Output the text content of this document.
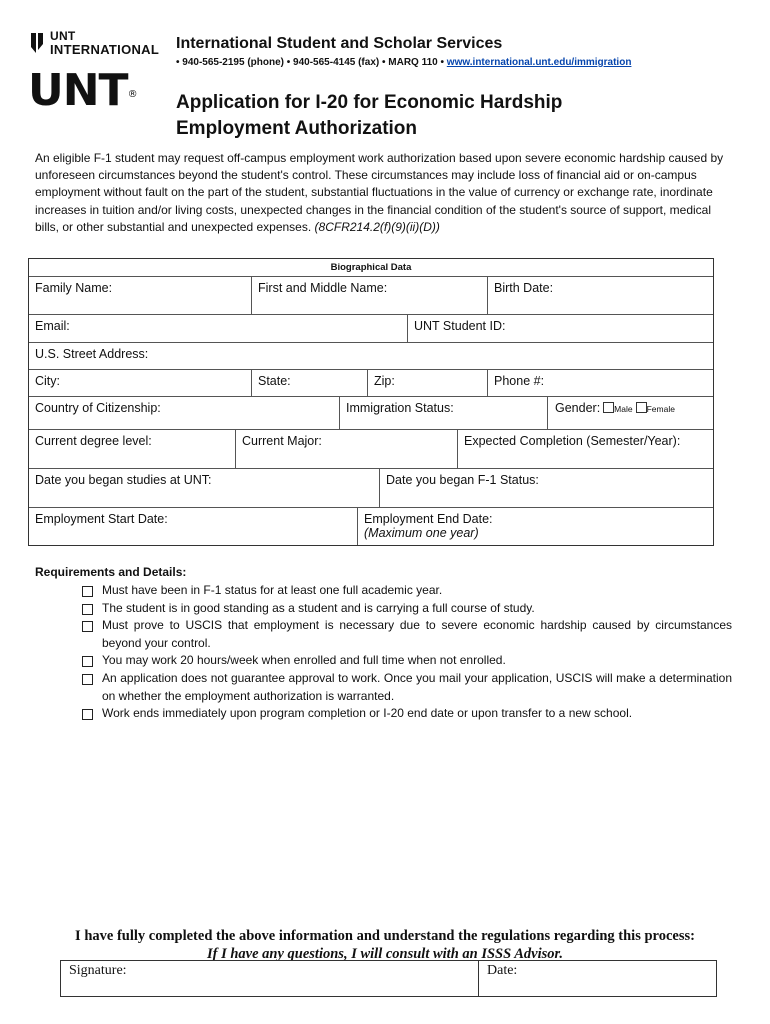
UNT
INTERNATIONAL
UNT®
International Student and Scholar Services
• 940-565-2195 (phone) • 940-565-4145 (fax) • MARQ 110 • www.international.unt.edu/immigration
Application for I-20 for Economic Hardship
Employment Authorization
An eligible F-1 student may request off-campus employment work authorization based upon severe economic hardship caused by unforeseen circumstances beyond the student's control. These circumstances may include loss of financial aid or on-campus employment without fault on the part of the student, substantial fluctuations in the value of currency or exchange rate, inordinate increases in tuition and/or living costs, unexpected changes in the financial condition of the student's source of support, medical bills, or other substantial and unexpected expenses. (8CFR214.2(f)(9)(ii)(D))
Biographical Data
Family Name:	First and Middle Name:	Birth Date:
Email:	UNT Student ID:
U.S. Street Address:
City:	State:	Zip:	Phone #:
Country of Citizenship:	Immigration Status:	Gender: Male Female
Current degree level:	Current Major:	Expected Completion (Semester/Year):
Date you began studies at UNT:	Date you began F-1 Status:
Employment Start Date:	Employment End Date:
(Maximum one year)
Requirements and Details:
Must have been in F-1 status for at least one full academic year.
The student is in good standing as a student and is carrying a full course of study.
Must prove to USCIS that employment is necessary due to severe economic hardship caused by circumstances beyond your control.
You may work 20 hours/week when enrolled and full time when not enrolled.
An application does not guarantee approval to work. Once you mail your application, USCIS will make a determination on whether the employment authorization is warranted.
Work ends immediately upon program completion or I-20 end date or upon transfer to a new school.
I have fully completed the above information and understand the regulations regarding this process:
If I have any questions, I will consult with an ISSS Advisor.
Signature:	Date:
